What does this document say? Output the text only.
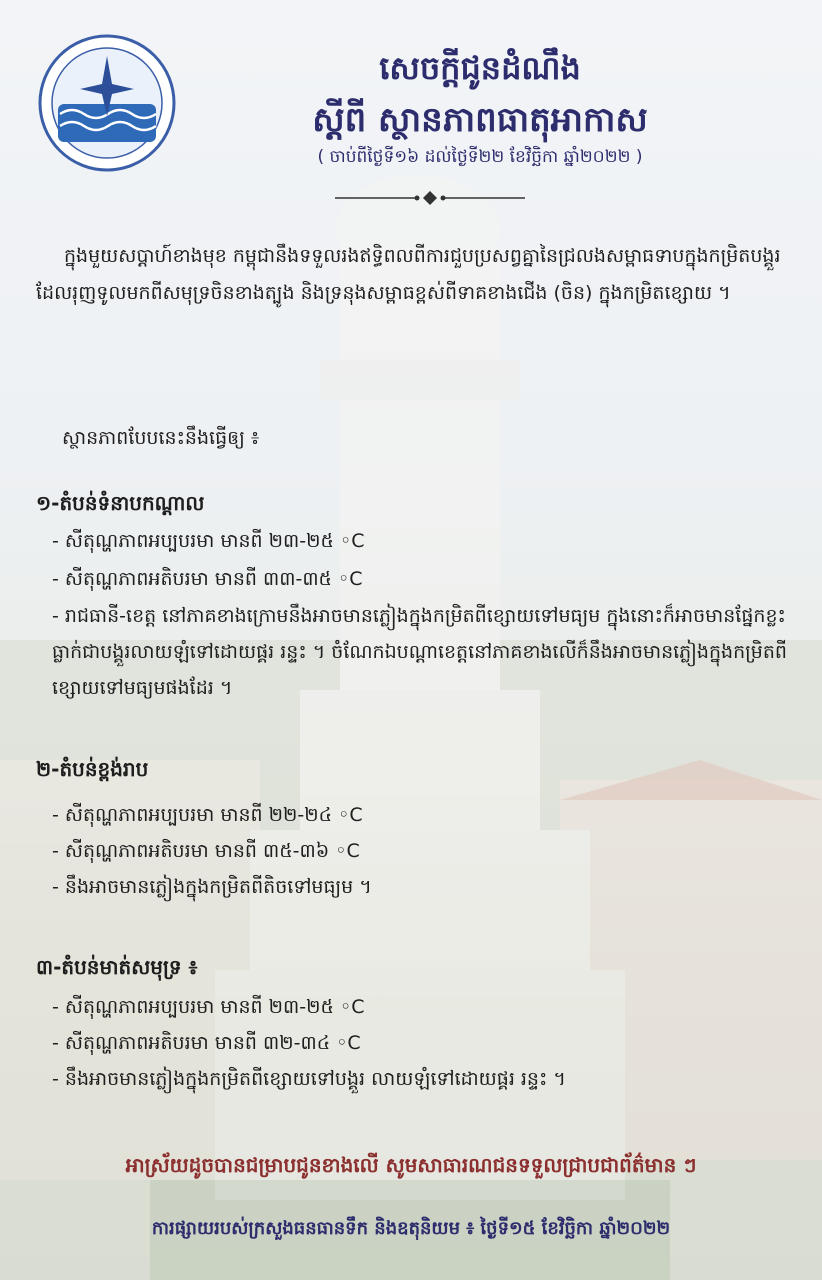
សេចក្ដីជូនដំណឹង
ស្ដីពី ស្ថានភាពធាតុអាកាស
( ចាប់ពីថ្ងៃទី១៦ ដល់ថ្ងៃទី២២ ខែវិច្ឆិកា ឆ្នាំ២០២២ )
ក្នុងមួយសប្តាហ៍ខាងមុខ កម្ពុជានឹងទទួលរងឥទ្ធិពលពីការជួបប្រសព្វគ្នានៃជ្រលងសម្ពាធទាបក្នុងកម្រិតបង្គួរដែលរុញទូលមកពីសមុទ្រចិនខាងត្បូង និងទ្រនុងសម្ពាធខ្ពស់ពីទាគខាងជើង (ចិន) ក្នុងកម្រិតខ្សោយ ។
ស្ថានភាពបែបនេះនឹងធ្វើឲ្យ ៖
១-តំបន់ទំនាបកណ្ដាល
- សីតុណ្ហភាពអប្បបរមា មានពី ២៣-២៥ ◦C
- សីតុណ្ហភាពអតិបរមា មានពី ៣៣-៣៥ ◦C
- រាជធានី-ខេត្ត នៅភាគខាងក្រោមនឹងអាចមានភ្លៀងក្នុងកម្រិតពីខ្សោយទៅមធ្យម ក្នុងនោះក៏អាចមានផ្នែកខ្លះធ្លាក់ជាបង្គួរលាយឡំទៅដោយផ្គរ រន្ទះ ។ ចំណែកឯបណ្ដាខេត្តនៅភាគខាងលើក៏នឹងអាចមានភ្លៀងក្នុងកម្រិតពីខ្សោយទៅមធ្យមផងដែរ ។
២-តំបន់ខ្ពង់រាប
- សីតុណ្ហភាពអប្បបរមា មានពី ២២-២៤ ◦C
- សីតុណ្ហភាពអតិបរមា មានពី ៣៥-៣៦ ◦C
- នឹងអាចមានភ្លៀងក្នុងកម្រិតពីតិចទៅមធ្យម ។
៣-តំបន់មាត់សមុទ្រ ៖
- សីតុណ្ហភាពអប្បបរមា មានពី ២៣-២៥ ◦C
- សីតុណ្ហភាពអតិបរមា មានពី ៣២-៣៤ ◦C
- នឹងអាចមានភ្លៀងក្នុងកម្រិតពីខ្សោយទៅបង្គួរ លាយឡំទៅដោយផ្គរ រន្ទះ ។
អាស្រ័យដូចបានជម្រាបជូនខាងលើ សូមសាធារណជនទទួលជ្រាបជាព័ត៌មាន ៗ
ការផ្សាយរបស់ក្រសួងធនធានទឹក និងឧតុនិយម ៖ ថ្ងៃទី១៥ ខែវិច្ឆិកា ឆ្នាំ២០២២
